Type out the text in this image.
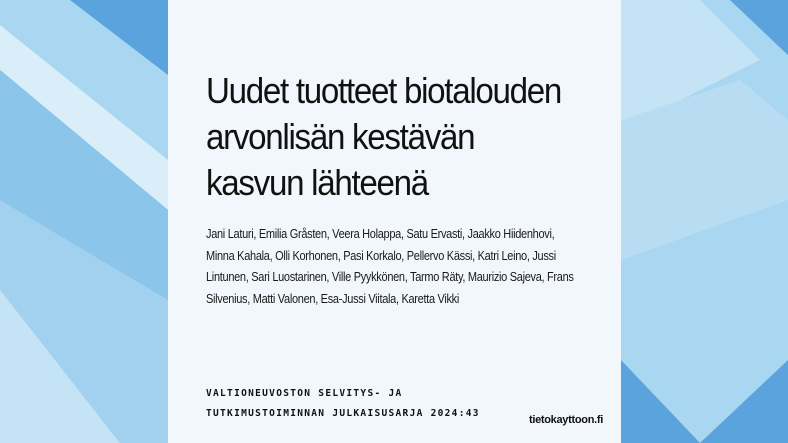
Uudet tuotteet biotalouden arvonlisän kestävän kasvun lähteenä

Jani Laturi, Emilia Gråsten, Veera Holappa, Satu Ervasti, Jaakko Hiidenhovi, Minna Kahala, Olli Korhonen, Pasi Korkalo, Pellervo Kässi, Katri Leino, Jussi Lintunen, Sari Luostarinen, Ville Pyykkönen, Tarmo Räty, Maurizio Sajeva, Frans Silvenius, Matti Valonen, Esa-Jussi Viitala, Karetta Vikki

VALTIONEUVOSTON SELVITYS- JA
TUTKIMUSTOIMINNAN JULKAISUSARJA 2024:43

tietokayttoon.fi
